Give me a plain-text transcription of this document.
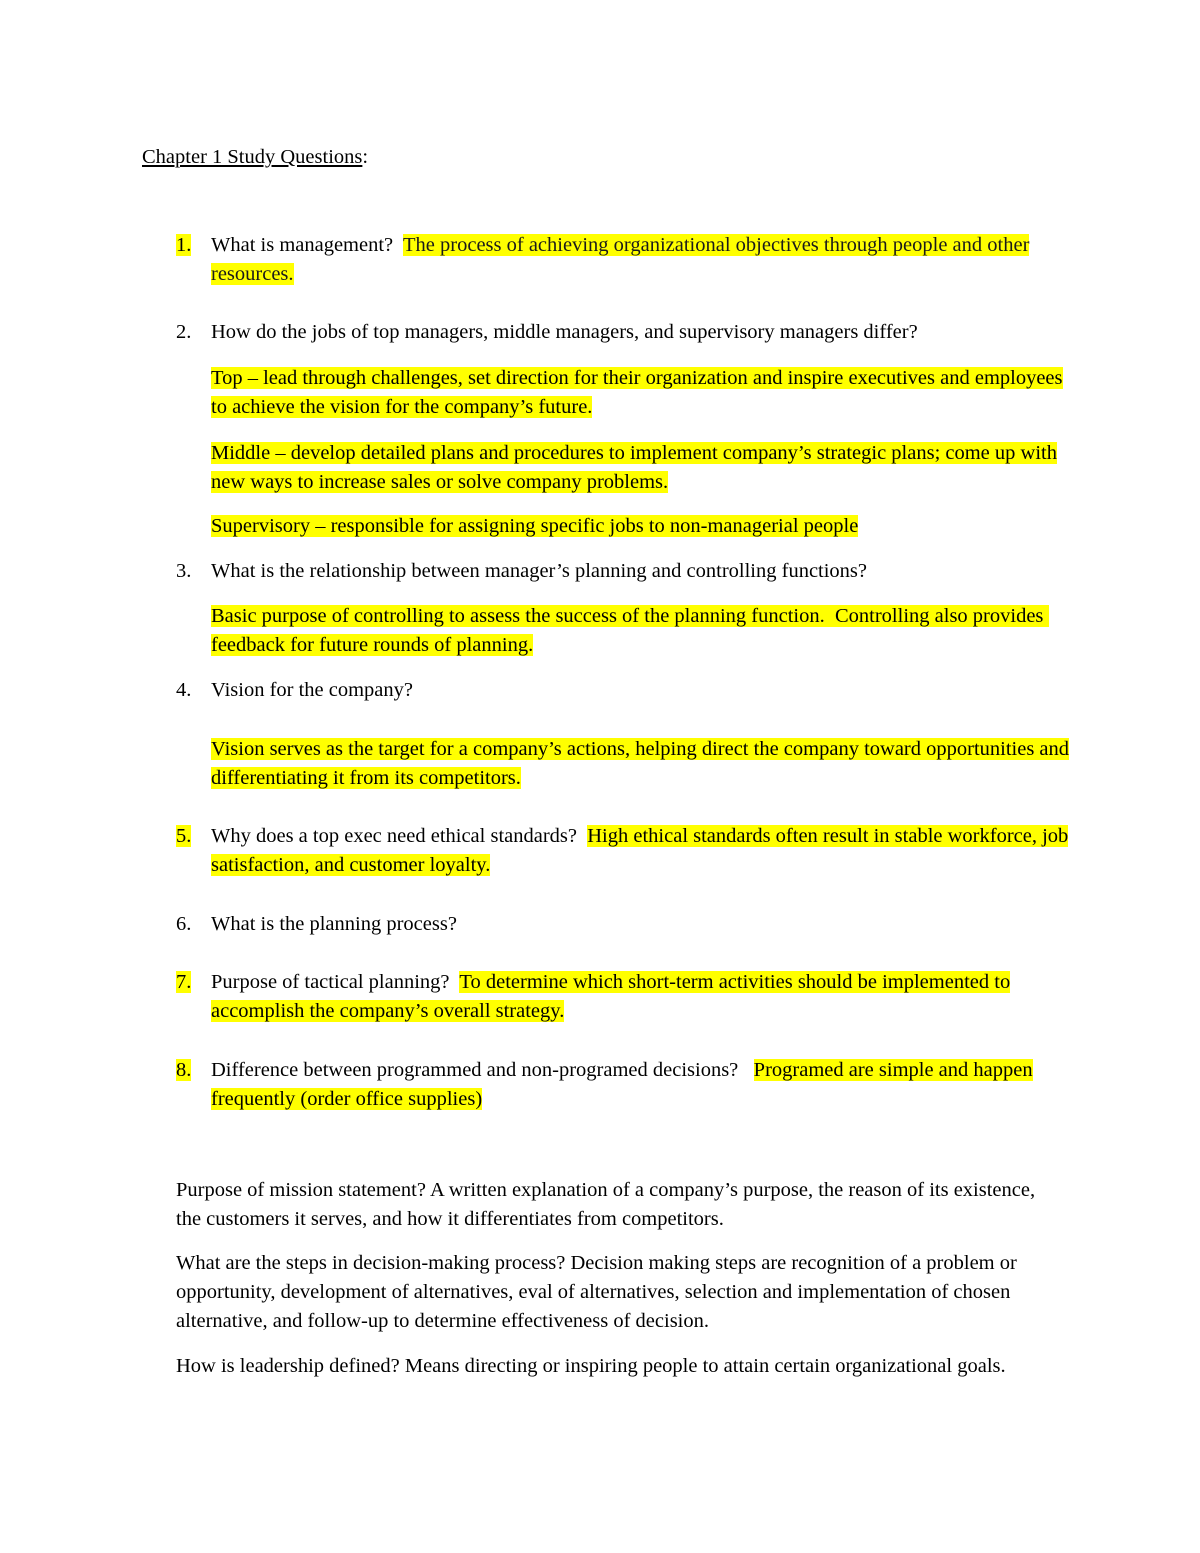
Chapter 1 Study Questions:
1. What is management?  The process of achieving organizational objectives through people and other resources.
2. How do the jobs of top managers, middle managers, and supervisory managers differ?
Top – lead through challenges, set direction for their organization and inspire executives and employees to achieve the vision for the company’s future.
Middle – develop detailed plans and procedures to implement company’s strategic plans; come up with new ways to increase sales or solve company problems.
Supervisory – responsible for assigning specific jobs to non-managerial people
3. What is the relationship between manager’s planning and controlling functions?
Basic purpose of controlling to assess the success of the planning function.  Controlling also provides feedback for future rounds of planning.
4. Vision for the company?
Vision serves as the target for a company’s actions, helping direct the company toward opportunities and differentiating it from its competitors.
5. Why does a top exec need ethical standards?  High ethical standards often result in stable workforce, job satisfaction, and customer loyalty.
6. What is the planning process?
7. Purpose of tactical planning?  To determine which short-term activities should be implemented to accomplish the company’s overall strategy.
8. Difference between programmed and non-programed decisions?   Programed are simple and happen frequently (order office supplies)
Purpose of mission statement? A written explanation of a company’s purpose, the reason of its existence, the customers it serves, and how it differentiates from competitors.
What are the steps in decision-making process? Decision making steps are recognition of a problem or opportunity, development of alternatives, eval of alternatives, selection and implementation of chosen alternative, and follow-up to determine effectiveness of decision.
How is leadership defined? Means directing or inspiring people to attain certain organizational goals.
